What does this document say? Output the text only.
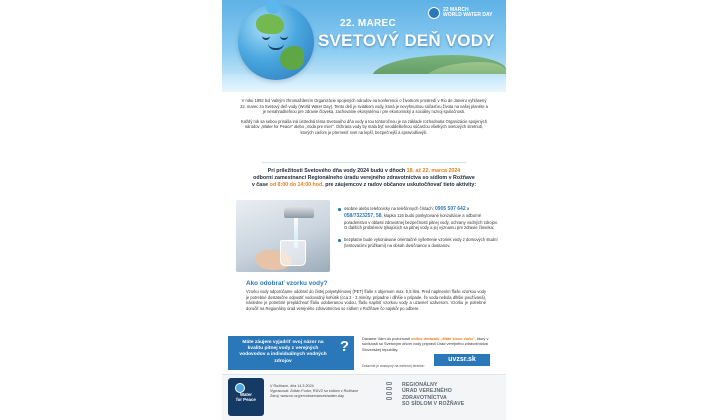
22 MARCH
WORLD WATER DAY
22. MAREC
SVETOVÝ DEŇ VODY

V roku 1992 bol Valným zhromaždením Organizácie spojených národov na konferencii o životnom prostredí v Rio de Janeiro vyhlásený 22. marec za Svetový deň vody (World Water Day). Tento deň je sviatkom vody, ktorá je nevyhnutnou súčasťou života na našej planéte a je nenahraditeľnou pre zdravie človeka, zachovanie ekosystému i pre ekonomický a sociálny rozvoj spoločnosti.

Každý rok sa sebou prináša iná ústredná téma Svetového dňa vody a tou tohtoročnou je na základe rozhodnutia Organizácie spojených národov „Water for Peace" alebo „Voda pre mier". Ochrana vody by mala byť neoddeliteľnou súčasťou všetkých svetových stretnutí, ktorých cieľom je premeniť svet na lepší, bezpečnejší a spravodlivejší.

Pri príležitosti Svetového dňa vody 2024 budú v dňoch 18. až 22. marca 2024
odborní zamestnanci Regionálneho úradu verejného zdravotníctva so sídlom v Rožňave
v čase od 8:00 do 14:00 hod. pre záujemcov z radov občanov uskutočňovať tieto aktivity:
osobne alebo telefonicky na telefónnych číslach: 0905 507 642 a 058/7323257, 58, klapka 116 budú poskytované konzultácie a odborné poradenstvo v oblasti zdravotnej bezpečnosti pitnej vody, ochrany vodných zdrojov. O ďalších problémov týkajúcich sa pitnej vody a jej významu pre zdravie človeka;
bezplatne bude vykonávané orientačné vyšetrenie vzoriek vody z domových studní (testovacími prúžkami) na obsah dusičnanov a dusitanov.
Ako odobrať vzorku vody?
Vzorku vody odporúčame odobrať do čistej polyetylénovej (PET) fľaše s objemom max. 0,5 litra. Pred naplnením fľaše vzorkou vody je potrebné dostatočne odpustiť vodovodný kohútik (cca 2 - 3 minúty, prípadne i dlhšie v prípade, že voda nebola dlhšie používaná), následne je potrebné prepláchnuť fľašu odoberanou vodou, fľašu naplniť vzorkou vody a uzavrieť uzáverom. Vzorku je potrebné doručiť na Regionálny úrad verejného zdravotníctva so sídlom v Rožňave čo najskôr po odbere.
Máte záujem vyjadriť svoj názor na kvalitu pitnej vody z verejných vodovodov a individuálnych vodných zdrojov
?	Dávame Vám do pozornosti online dotazník „Máte slovo vodu", ktorý v súvislosti so Svetovým dňom vody pripravil Úrad verejného zdravotníctva Slovenskej republiky.
Dotazník je dostupný na webovej stránke:
uvzsr.sk
Water
for Peace
V Rožňave, dňa 14.3.2024
Vypracoval: Zoltán Fodor, RÚVZ so sídlom v Rožňave
Zdroj: www.un.org/en/observances/water-day
REGIONÁLNY
ÚRAD VEREJNÉHO
ZDRAVOTNÍCTVA
SO SÍDLOM V ROŽŇAVE
